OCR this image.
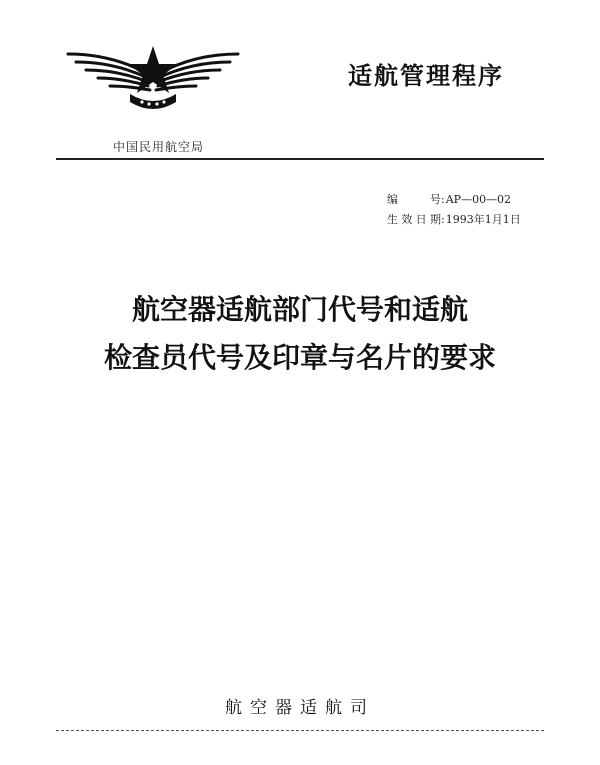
适航管理程序
中国民用航空局
编 号:AP—00—02
生效日期:1993年1月1日
航空器适航部门代号和适航
检查员代号及印章与名片的要求
航空器适航司
